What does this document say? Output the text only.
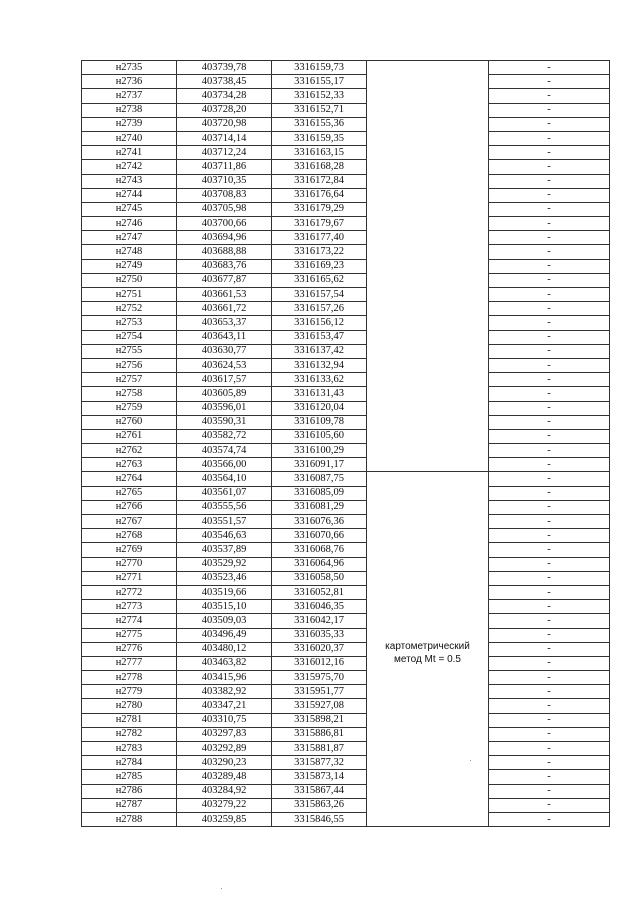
н2735	403739,78	3316159,73		-
н2736	403738,45	3316155,17		-
н2737	403734,28	3316152,33		-
н2738	403728,20	3316152,71		-
н2739	403720,98	3316155,36		-
н2740	403714,14	3316159,35		-
н2741	403712,24	3316163,15		-
н2742	403711,86	3316168,28		-
н2743	403710,35	3316172,84		-
н2744	403708,83	3316176,64		-
н2745	403705,98	3316179,29		-
н2746	403700,66	3316179,67		-
н2747	403694,96	3316177,40		-
н2748	403688,88	3316173,22		-
н2749	403683,76	3316169,23		-
н2750	403677,87	3316165,62		-
н2751	403661,53	3316157,54		-
н2752	403661,72	3316157,26		-
н2753	403653,37	3316156,12		-
н2754	403643,11	3316153,47		-
н2755	403630,77	3316137,42		-
н2756	403624,53	3316132,94		-
н2757	403617,57	3316133,62		-
н2758	403605,89	3316131,43		-
н2759	403596,01	3316120,04		-
н2760	403590,31	3316109,78		-
н2761	403582,72	3316105,60		-
н2762	403574,74	3316100,29		-
н2763	403566,00	3316091,17		-
н2764	403564,10	3316087,75	картометрический метод Mt = 0.5	-
н2765	403561,07	3316085,09		-
н2766	403555,56	3316081,29		-
н2767	403551,57	3316076,36		-
н2768	403546,63	3316070,66		-
н2769	403537,89	3316068,76		-
н2770	403529,92	3316064,96		-
н2771	403523,46	3316058,50		-
н2772	403519,66	3316052,81		-
н2773	403515,10	3316046,35		-
н2774	403509,03	3316042,17		-
н2775	403496,49	3316035,33		-
н2776	403480,12	3316020,37		-
н2777	403463,82	3316012,16		-
н2778	403415,96	3315975,70		-
н2779	403382,92	3315951,77		-
н2780	403347,21	3315927,08		-
н2781	403310,75	3315898,21		-
н2782	403297,83	3315886,81		-
н2783	403292,89	3315881,87		-
н2784	403290,23	3315877,32		-
н2785	403289,48	3315873,14		-
н2786	403284,92	3315867,44		-
н2787	403279,22	3315863,26		-
н2788	403259,85	3315846,55		-
